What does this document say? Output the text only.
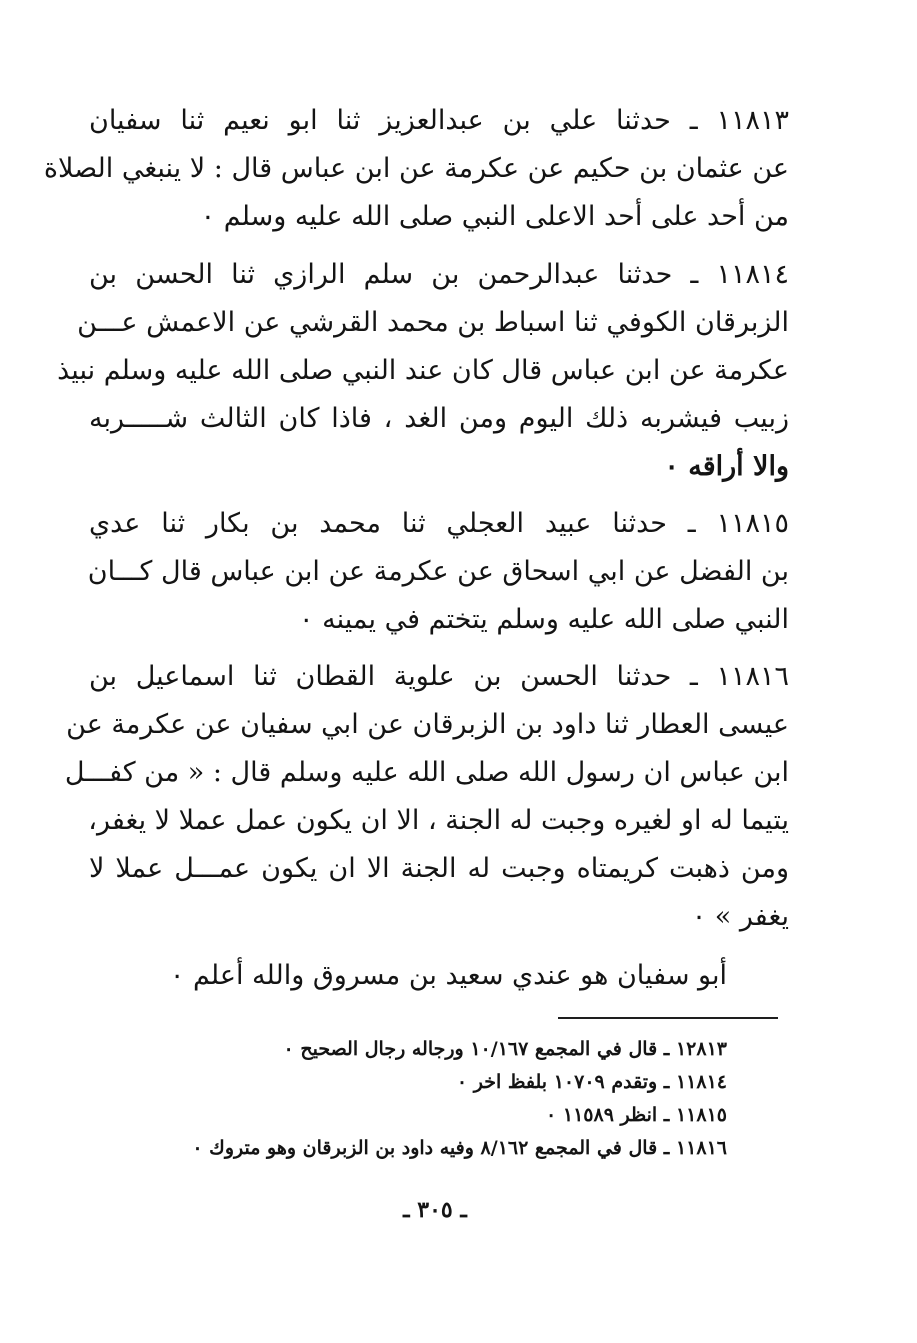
١١٨١٣ ـ حدثنا علي بن عبدالعزيز ثنا ابو نعيم ثنا سفيان
عن عثمان بن حكيم عن عكرمة عن ابن عباس قال : لا ينبغي الصلاة
من أحد على أحد الاعلى النبي صلى الله عليه وسلم ٠
١١٨١٤ ـ حدثنا عبدالرحمن بن سلم الرازي ثنا الحسن بن
الزبرقان الكوفي ثنا اسباط بن محمد القرشي عن الاعمش عـــن
عكرمة عن ابن عباس قال كان عند النبي صلى الله عليه وسلم نبيذ
زبيب فيشربه ذلك اليوم ومن الغد ، فاذا كان الثالث شـــــربه
والا أراقه ٠
١١٨١٥ ـ حدثنا عبيد العجلي ثنا محمد بن بكار ثنا عدي
بن الفضل عن ابي اسحاق عن عكرمة عن ابن عباس قال كـــان
النبي صلى الله عليه وسلم يتختم في يمينه ٠
١١٨١٦ ـ حدثنا الحسن بن علوية القطان ثنا اسماعيل بن
عيسى العطار ثنا داود بن الزبرقان عن ابي سفيان عن عكرمة عن
ابن عباس ان رسول الله صلى الله عليه وسلم قال : « من كفـــل
يتيما له او لغيره وجبت له الجنة ، الا ان يكون عمل عملا لا يغفر،
ومن ذهبت كريمتاه وجبت له الجنة الا ان يكون عمـــل عملا لا
يغفر » ٠
أبو سفيان هو عندي سعيد بن مسروق والله أعلم ٠
١٢٨١٣ ـ قال في المجمع ١٠/١٦٧ ورجاله رجال الصحيح ٠
١١٨١٤ ـ وتقدم ١٠٧٠٩ بلفظ اخر ٠
١١٨١٥ ـ انظر ١١٥٨٩ ٠
١١٨١٦ ـ قال في المجمع ٨/١٦٢ وفيه داود بن الزبرقان وهو متروك ٠
ـ ٣٠٥ ـ
